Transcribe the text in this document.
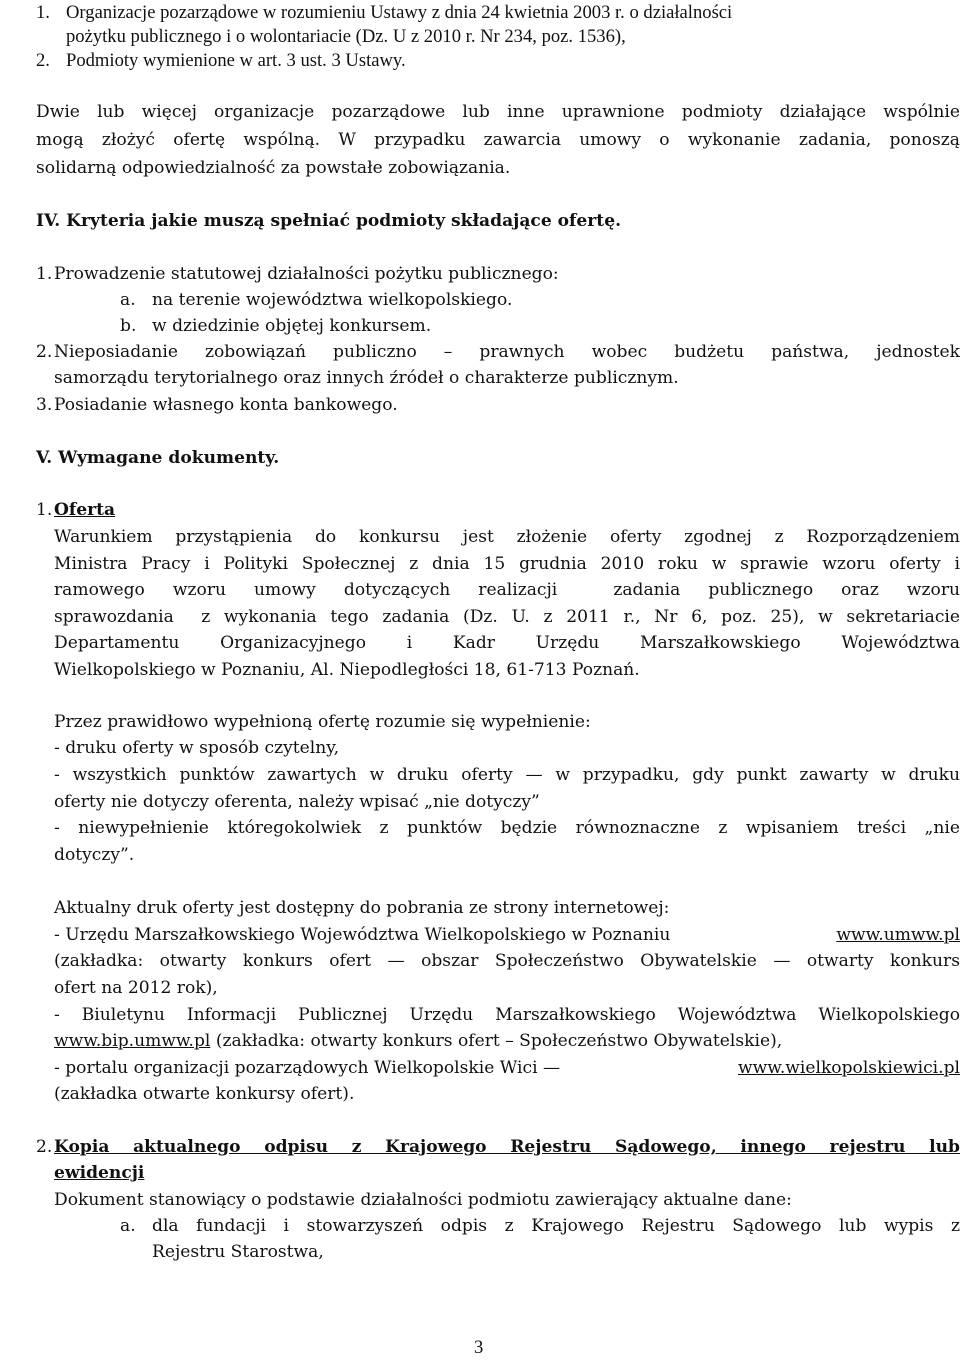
1. Organizacje pozarządowe w rozumieniu Ustawy z dnia 24 kwietnia 2003 r. o działalności
pożytku publicznego i o wolontariacie (Dz. U z 2010 r. Nr 234, poz. 1536),
2. Podmioty wymienione w art. 3 ust. 3 Ustawy.
Dwie lub więcej organizacje pozarządowe lub inne uprawnione podmioty działające wspólnie
mogą złożyć ofertę wspólną. W przypadku zawarcia umowy o wykonanie zadania, ponoszą
solidarną odpowiedzialność za powstałe zobowiązania.
IV. Kryteria jakie muszą spełniać podmioty składające ofertę.
1. Prowadzenie statutowej działalności pożytku publicznego:
a. na terenie województwa wielkopolskiego.
b. w dziedzinie objętej konkursem.
2. Nieposiadanie zobowiązań publiczno – prawnych wobec budżetu państwa, jednostek
samorządu terytorialnego oraz innych źródeł o charakterze publicznym.
3. Posiadanie własnego konta bankowego.
V. Wymagane dokumenty.
1. Oferta
Warunkiem przystąpienia do konkursu jest złożenie oferty zgodnej z Rozporządzeniem
Ministra Pracy i Polityki Społecznej z dnia 15 grudnia 2010 roku w sprawie wzoru oferty i
ramowego wzoru umowy dotyczących realizacji  zadania publicznego oraz wzoru
sprawozdania  z wykonania tego zadania (Dz. U. z 2011 r., Nr 6, poz. 25), w sekretariacie
Departamentu Organizacyjnego i Kadr Urzędu Marszałkowskiego Województwa
Wielkopolskiego w Poznaniu, Al. Niepodległości 18, 61-713 Poznań.
Przez prawidłowo wypełnioną ofertę rozumie się wypełnienie:
- druku oferty w sposób czytelny,
- wszystkich punktów zawartych w druku oferty — w przypadku, gdy punkt zawarty w druku
oferty nie dotyczy oferenta, należy wpisać „nie dotyczy”
- niewypełnienie któregokolwiek z punktów będzie równoznaczne z wpisaniem treści „nie
dotyczy”.
Aktualny druk oferty jest dostępny do pobrania ze strony internetowej:
- Urzędu Marszałkowskiego Województwa Wielkopolskiego w Poznaniu	www.umww.pl
(zakładka: otwarty konkurs ofert — obszar Społeczeństwo Obywatelskie — otwarty konkurs
ofert na 2012 rok),
- Biuletynu Informacji Publicznej Urzędu Marszałkowskiego Województwa Wielkopolskiego
www.bip.umww.pl (zakładka: otwarty konkurs ofert – Społeczeństwo Obywatelskie),
- portalu organizacji pozarządowych Wielkopolskie Wici —	www.wielkopolskiewici.pl
(zakładka otwarte konkursy ofert).
2. Kopia aktualnego odpisu z Krajowego Rejestru Sądowego, innego rejestru lub
ewidencji
Dokument stanowiący o podstawie działalności podmiotu zawierający aktualne dane:
a. dla fundacji i stowarzyszeń odpis z Krajowego Rejestru Sądowego lub wypis z
Rejestru Starostwa,
3
